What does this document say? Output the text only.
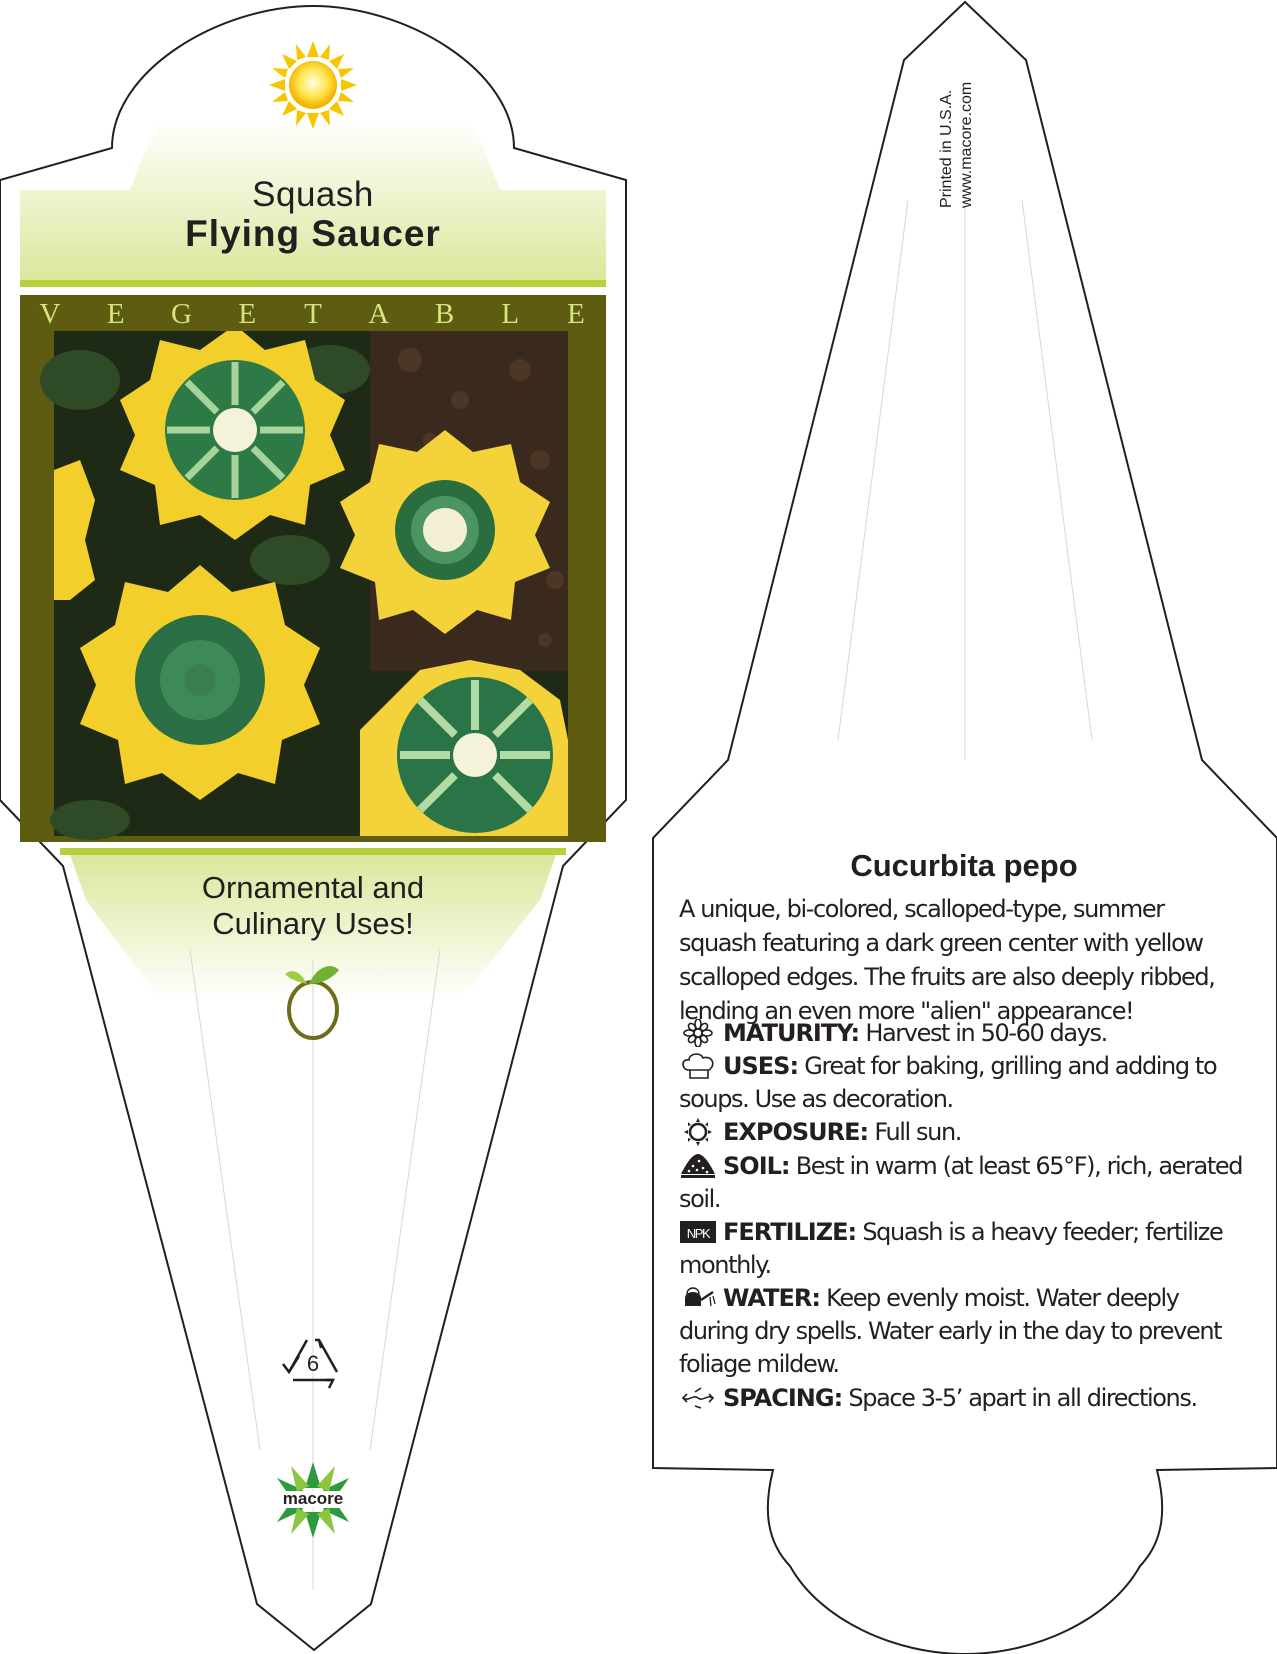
Squash
Flying Saucer
V E G E T A B L E
Ornamental and
Culinary Uses!
6
macore
Printed in U.S.A. www.macore.com
Cucurbita pepo
A unique, bi-colored, scalloped-type, summer squash featuring a dark green center with yellow scalloped edges. The fruits are also deeply ribbed, lending an even more "alien" appearance!
MATURITY: Harvest in 50-60 days.
USES: Great for baking, grilling and adding to soups. Use as decoration.
EXPOSURE: Full sun.
SOIL: Best in warm (at least 65°F), rich, aerated soil.
NPK FERTILIZE: Squash is a heavy feeder; fertilize monthly.
WATER: Keep evenly moist. Water deeply during dry spells. Water early in the day to prevent foliage mildew.
SPACING: Space 3-5’ apart in all directions.
